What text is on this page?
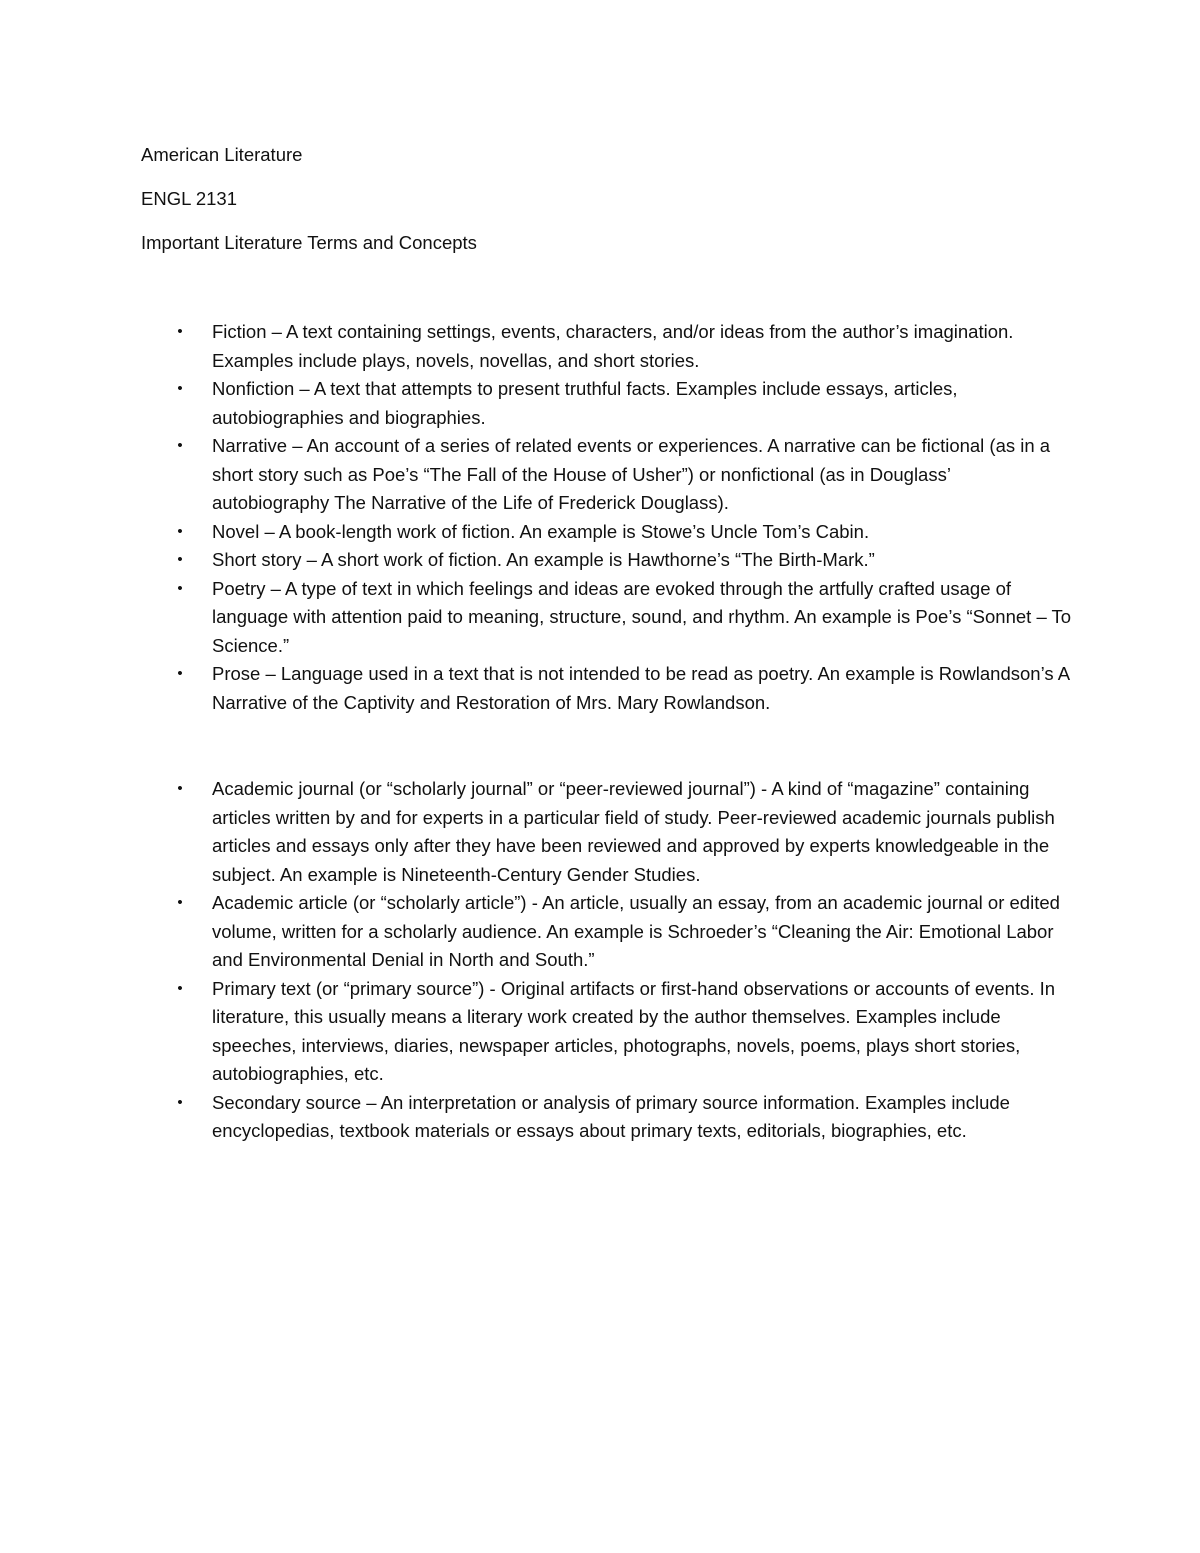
American Literature
ENGL 2131
Important Literature Terms and Concepts
• Fiction – A text containing settings, events, characters, and/or ideas from the author’s imagination. Examples include plays, novels, novellas, and short stories.
• Nonfiction – A text that attempts to present truthful facts. Examples include essays, articles, autobiographies and biographies.
• Narrative – An account of a series of related events or experiences. A narrative can be fictional (as in a short story such as Poe’s “The Fall of the House of Usher”) or nonfictional (as in Douglass’ autobiography The Narrative of the Life of Frederick Douglass).
• Novel – A book-length work of fiction. An example is Stowe’s Uncle Tom’s Cabin.
• Short story – A short work of fiction. An example is Hawthorne’s “The Birth-Mark.”
• Poetry – A type of text in which feelings and ideas are evoked through the artfully crafted usage of language with attention paid to meaning, structure, sound, and rhythm. An example is Poe’s “Sonnet – To Science.”
• Prose – Language used in a text that is not intended to be read as poetry. An example is Rowlandson’s A Narrative of the Captivity and Restoration of Mrs. Mary Rowlandson.
• Academic journal (or “scholarly journal” or “peer-reviewed journal”) - A kind of “magazine” containing articles written by and for experts in a particular field of study. Peer-reviewed academic journals publish articles and essays only after they have been reviewed and approved by experts knowledgeable in the subject. An example is Nineteenth-Century Gender Studies.
• Academic article (or “scholarly article”) - An article, usually an essay, from an academic journal or edited volume, written for a scholarly audience. An example is Schroeder’s “Cleaning the Air: Emotional Labor and Environmental Denial in North and South.”
• Primary text (or “primary source”) - Original artifacts or first-hand observations or accounts of events. In literature, this usually means a literary work created by the author themselves. Examples include speeches, interviews, diaries, newspaper articles, photographs, novels, poems, plays short stories, autobiographies, etc.
• Secondary source – An interpretation or analysis of primary source information. Examples include encyclopedias, textbook materials or essays about primary texts, editorials, biographies, etc.
